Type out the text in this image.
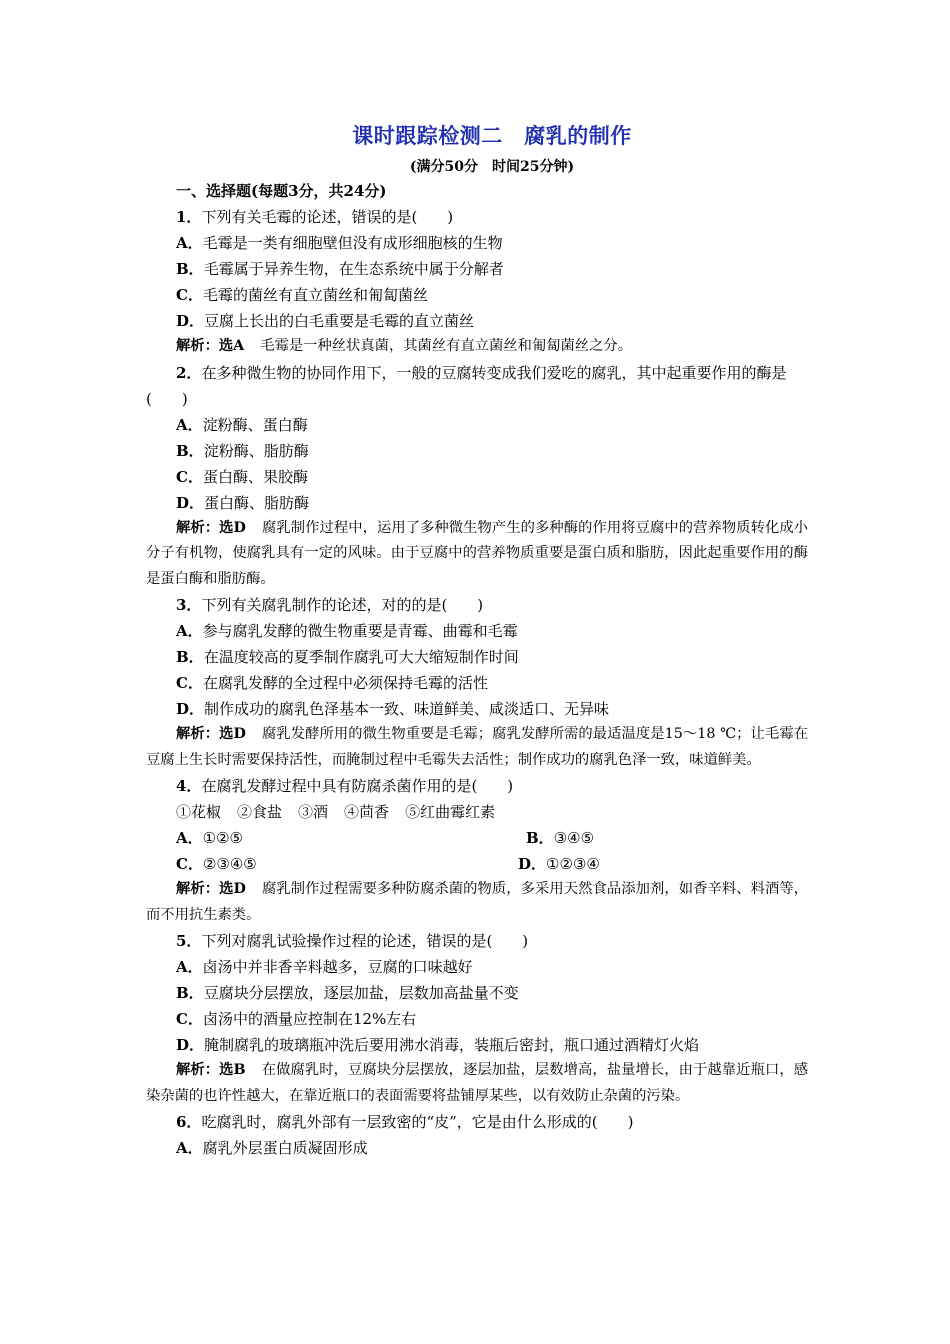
课时跟踪检测二　腐乳的制作
(满分50分　时间25分钟)
一、选择题(每题3分，共24分)
1．下列有关毛霉的论述，错误的是(　　)
A．毛霉是一类有细胞壁但没有成形细胞核的生物
B．毛霉属于异养生物，在生态系统中属于分解者
C．毛霉的菌丝有直立菌丝和匍匐菌丝
D．豆腐上长出的白毛重要是毛霉的直立菌丝
解析：选A 毛霉是一种丝状真菌，其菌丝有直立菌丝和匍匐菌丝之分。
2．在多种微生物的协同作用下，一般的豆腐转变成我们爱吃的腐乳，其中起重要作用的酶是(　　)
A．淀粉酶、蛋白酶
B．淀粉酶、脂肪酶
C．蛋白酶、果胶酶
D．蛋白酶、脂肪酶
解析：选D 腐乳制作过程中，运用了多种微生物产生的多种酶的作用将豆腐中的营养物质转化成小分子有机物，使腐乳具有一定的风味。由于豆腐中的营养物质重要是蛋白质和脂肪，因此起重要作用的酶是蛋白酶和脂肪酶。
3．下列有关腐乳制作的论述，对的的是(　　)
A．参与腐乳发酵的微生物重要是青霉、曲霉和毛霉
B．在温度较高的夏季制作腐乳可大大缩短制作时间
C．在腐乳发酵的全过程中必须保持毛霉的活性
D．制作成功的腐乳色泽基本一致、味道鲜美、咸淡适口、无异味
解析：选D 腐乳发酵所用的微生物重要是毛霉；腐乳发酵所需的最适温度是15～18 ℃；让毛霉在豆腐上生长时需要保持活性，而腌制过程中毛霉失去活性；制作成功的腐乳色泽一致，味道鲜美。
4．在腐乳发酵过程中具有防腐杀菌作用的是(　　)
①花椒 ②食盐 ③酒 ④茴香 ⑤红曲霉红素
A．①②⑤	B．③④⑤
C．②③④⑤	D．①②③④
解析：选D 腐乳制作过程需要多种防腐杀菌的物质，多采用天然食品添加剂，如香辛料、料酒等，而不用抗生素类。
5．下列对腐乳试验操作过程的论述，错误的是(　　)
A．卤汤中并非香辛料越多，豆腐的口味越好
B．豆腐块分层摆放，逐层加盐，层数加高盐量不变
C．卤汤中的酒量应控制在12%左右
D．腌制腐乳的玻璃瓶冲洗后要用沸水消毒，装瓶后密封，瓶口通过酒精灯火焰
解析：选B 在做腐乳时，豆腐块分层摆放，逐层加盐，层数增高，盐量增长，由于越靠近瓶口，感染杂菌的也许性越大，在靠近瓶口的表面需要将盐铺厚某些，以有效防止杂菌的污染。
6．吃腐乳时，腐乳外部有一层致密的“皮”，它是由什么形成的(　　)
A．腐乳外层蛋白质凝固形成
